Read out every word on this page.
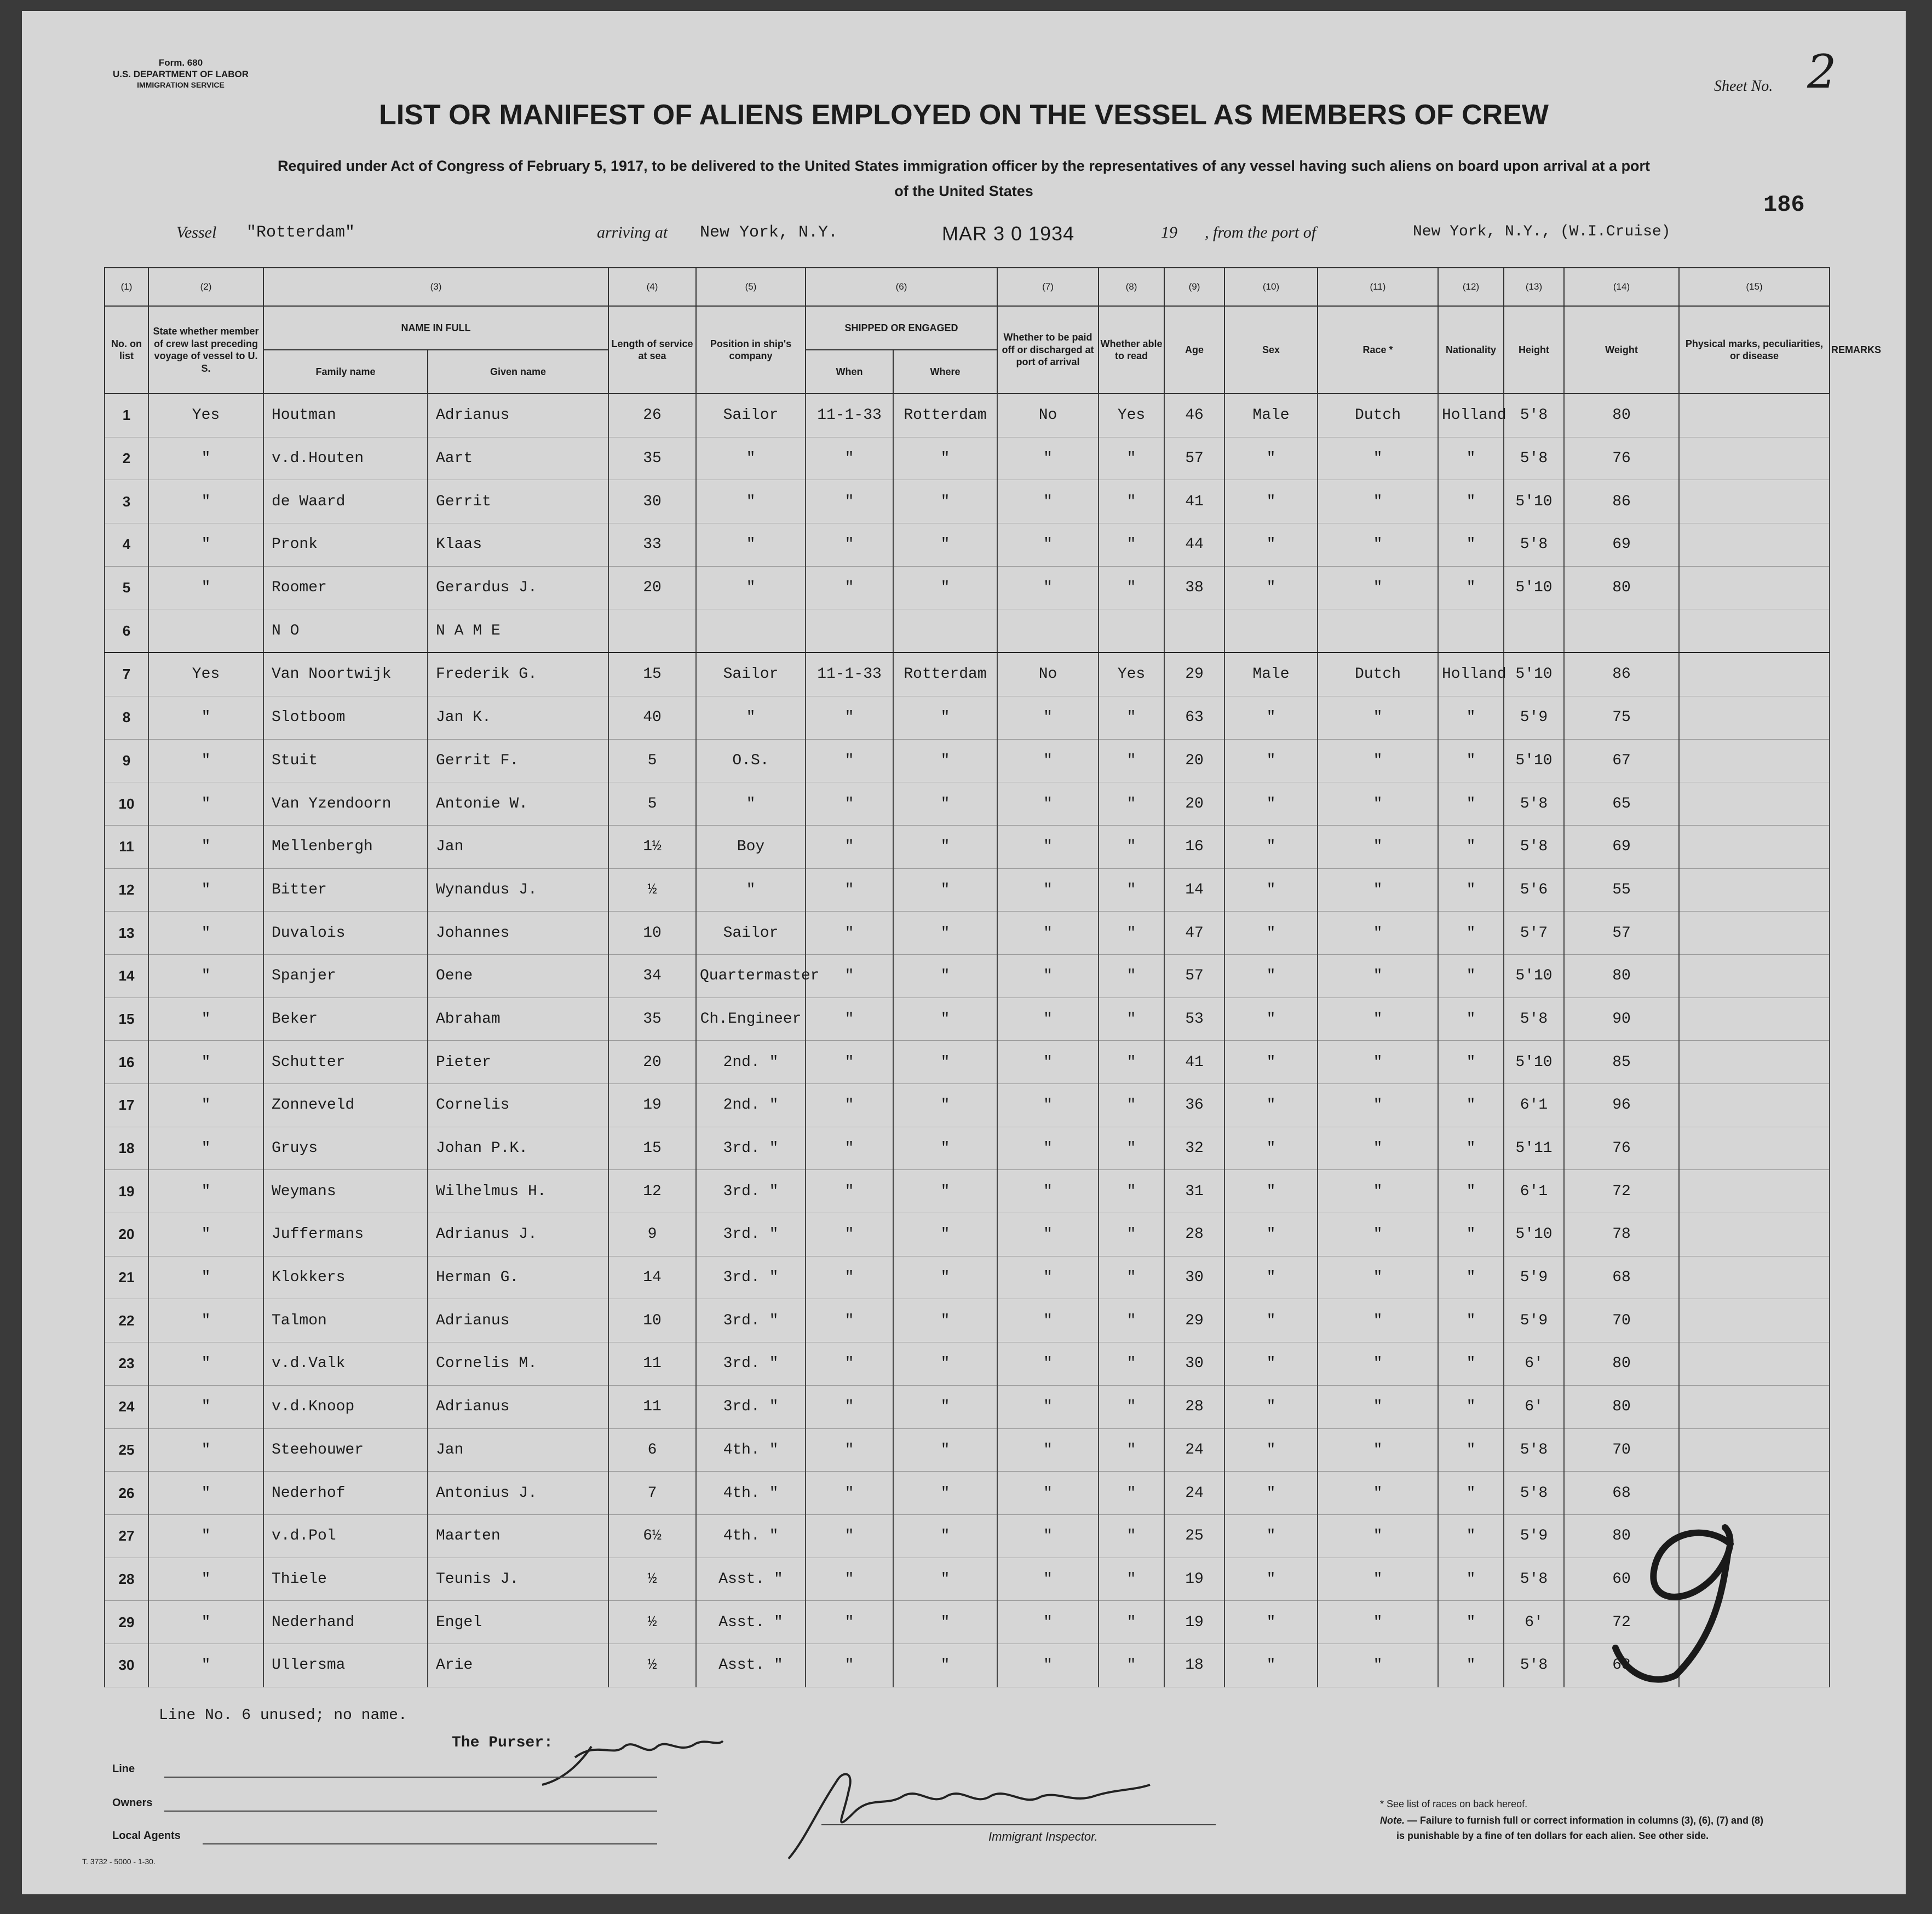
Form. 680
U.S. DEPARTMENT OF LABOR
IMMIGRATION SERVICE	Sheet No. 2
LIST OR MANIFEST OF ALIENS EMPLOYED ON THE VESSEL AS MEMBERS OF CREW
Required under Act of Congress of February 5, 1917, to be delivered to the United States immigration officer by the representatives of any vessel having such aliens on board upon arrival at a port
of the United States
186
Vessel "Rotterdam"	arriving at New York, N.Y.	MAR 3 0 1934	19 , from the port of	New York, N.Y., (W.I.Cruise)
(1)	(2)	(3)		(4)	(5)	(6)		(7)	(8)	(9)	(10)	(11)	(12)	(13)	(14)	(15)	
No. on list	State whether member of crew last preceding voyage of vessel to U. S.	NAME IN FULL		Length of service at sea	Position in ship's company	SHIPPED OR ENGAGED		Whether to be paid off or discharged at port of arrival	Whether able to read	Age	Sex	Race *	Nationality	Height	Weight	Physical marks, peculiarities, or disease	REMARKS
		Family name	Given name			When	Where										
1	Yes	Houtman	Adrianus	26	Sailor	11-1-33	Rotterdam	No	Yes	46	Male	Dutch	Holland	5'8	80		
2	"	v.d.Houten	Aart	35	"	"	"	"	"	57	"	"	"	5'8	76		
3	"	de Waard	Gerrit	30	"	"	"	"	"	41	"	"	"	5'10	86		
4	"	Pronk	Klaas	33	"	"	"	"	"	44	"	"	"	5'8	69		
5	"	Roomer	Gerardus J.	20	"	"	"	"	"	38	"	"	"	5'10	80		
6		N O	N A M E														
7	Yes	Van Noortwijk	Frederik G.	15	Sailor	11-1-33	Rotterdam	No	Yes	29	Male	Dutch	Holland	5'10	86		
8	"	Slotboom	Jan K.	40	"	"	"	"	"	63	"	"	"	5'9	75		
9	"	Stuit	Gerrit F.	5	O.S.	"	"	"	"	20	"	"	"	5'10	67		
10	"	Van Yzendoorn	Antonie W.	5	"	"	"	"	"	20	"	"	"	5'8	65		
11	"	Mellenbergh	Jan	1½	Boy	"	"	"	"	16	"	"	"	5'8	69		
12	"	Bitter	Wynandus J.	½	"	"	"	"	"	14	"	"	"	5'6	55		
13	"	Duvalois	Johannes	10	Sailor	"	"	"	"	47	"	"	"	5'7	57		
14	"	Spanjer	Oene	34	Quartermaster	"	"	"	"	57	"	"	"	5'10	80		
15	"	Beker	Abraham	35	Ch.Engineer	"	"	"	"	53	"	"	"	5'8	90		
16	"	Schutter	Pieter	20	2nd. "	"	"	"	"	41	"	"	"	5'10	85		
17	"	Zonneveld	Cornelis	19	2nd. "	"	"	"	"	36	"	"	"	6'1	96		
18	"	Gruys	Johan P.K.	15	3rd. "	"	"	"	"	32	"	"	"	5'11	76		
19	"	Weymans	Wilhelmus H.	12	3rd. "	"	"	"	"	31	"	"	"	6'1	72		
20	"	Juffermans	Adrianus J.	9	3rd. "	"	"	"	"	28	"	"	"	5'10	78		
21	"	Klokkers	Herman G.	14	3rd. "	"	"	"	"	30	"	"	"	5'9	68		
22	"	Talmon	Adrianus	10	3rd. "	"	"	"	"	29	"	"	"	5'9	70		
23	"	v.d.Valk	Cornelis M.	11	3rd. "	"	"	"	"	30	"	"	"	6'	80		
24	"	v.d.Knoop	Adrianus	11	3rd. "	"	"	"	"	28	"	"	"	6'	80		
25	"	Steehouwer	Jan	6	4th. "	"	"	"	"	24	"	"	"	5'8	70		
26	"	Nederhof	Antonius J.	7	4th. "	"	"	"	"	24	"	"	"	5'8	68		
27	"	v.d.Pol	Maarten	6½	4th. "	"	"	"	"	25	"	"	"	5'9	80		
28	"	Thiele	Teunis J.	½	Asst. "	"	"	"	"	19	"	"	"	5'8	60		
29	"	Nederhand	Engel	½	Asst. "	"	"	"	"	19	"	"	"	6'	72		
30	"	Ullersma	Arie	½	Asst. "	"	"	"	"	18	"	"	"	5'8	68		
Line No. 6 unused; no name.
The Purser:
Line
Owners
Local Agents	Immigrant Inspector.
* See list of races on back hereof.
Note. — Failure to furnish full or correct information in columns (3), (6), (7) and (8)
is punishable by a fine of ten dollars for each alien. See other side.
T. 3732 - 5000 - 1-30.
